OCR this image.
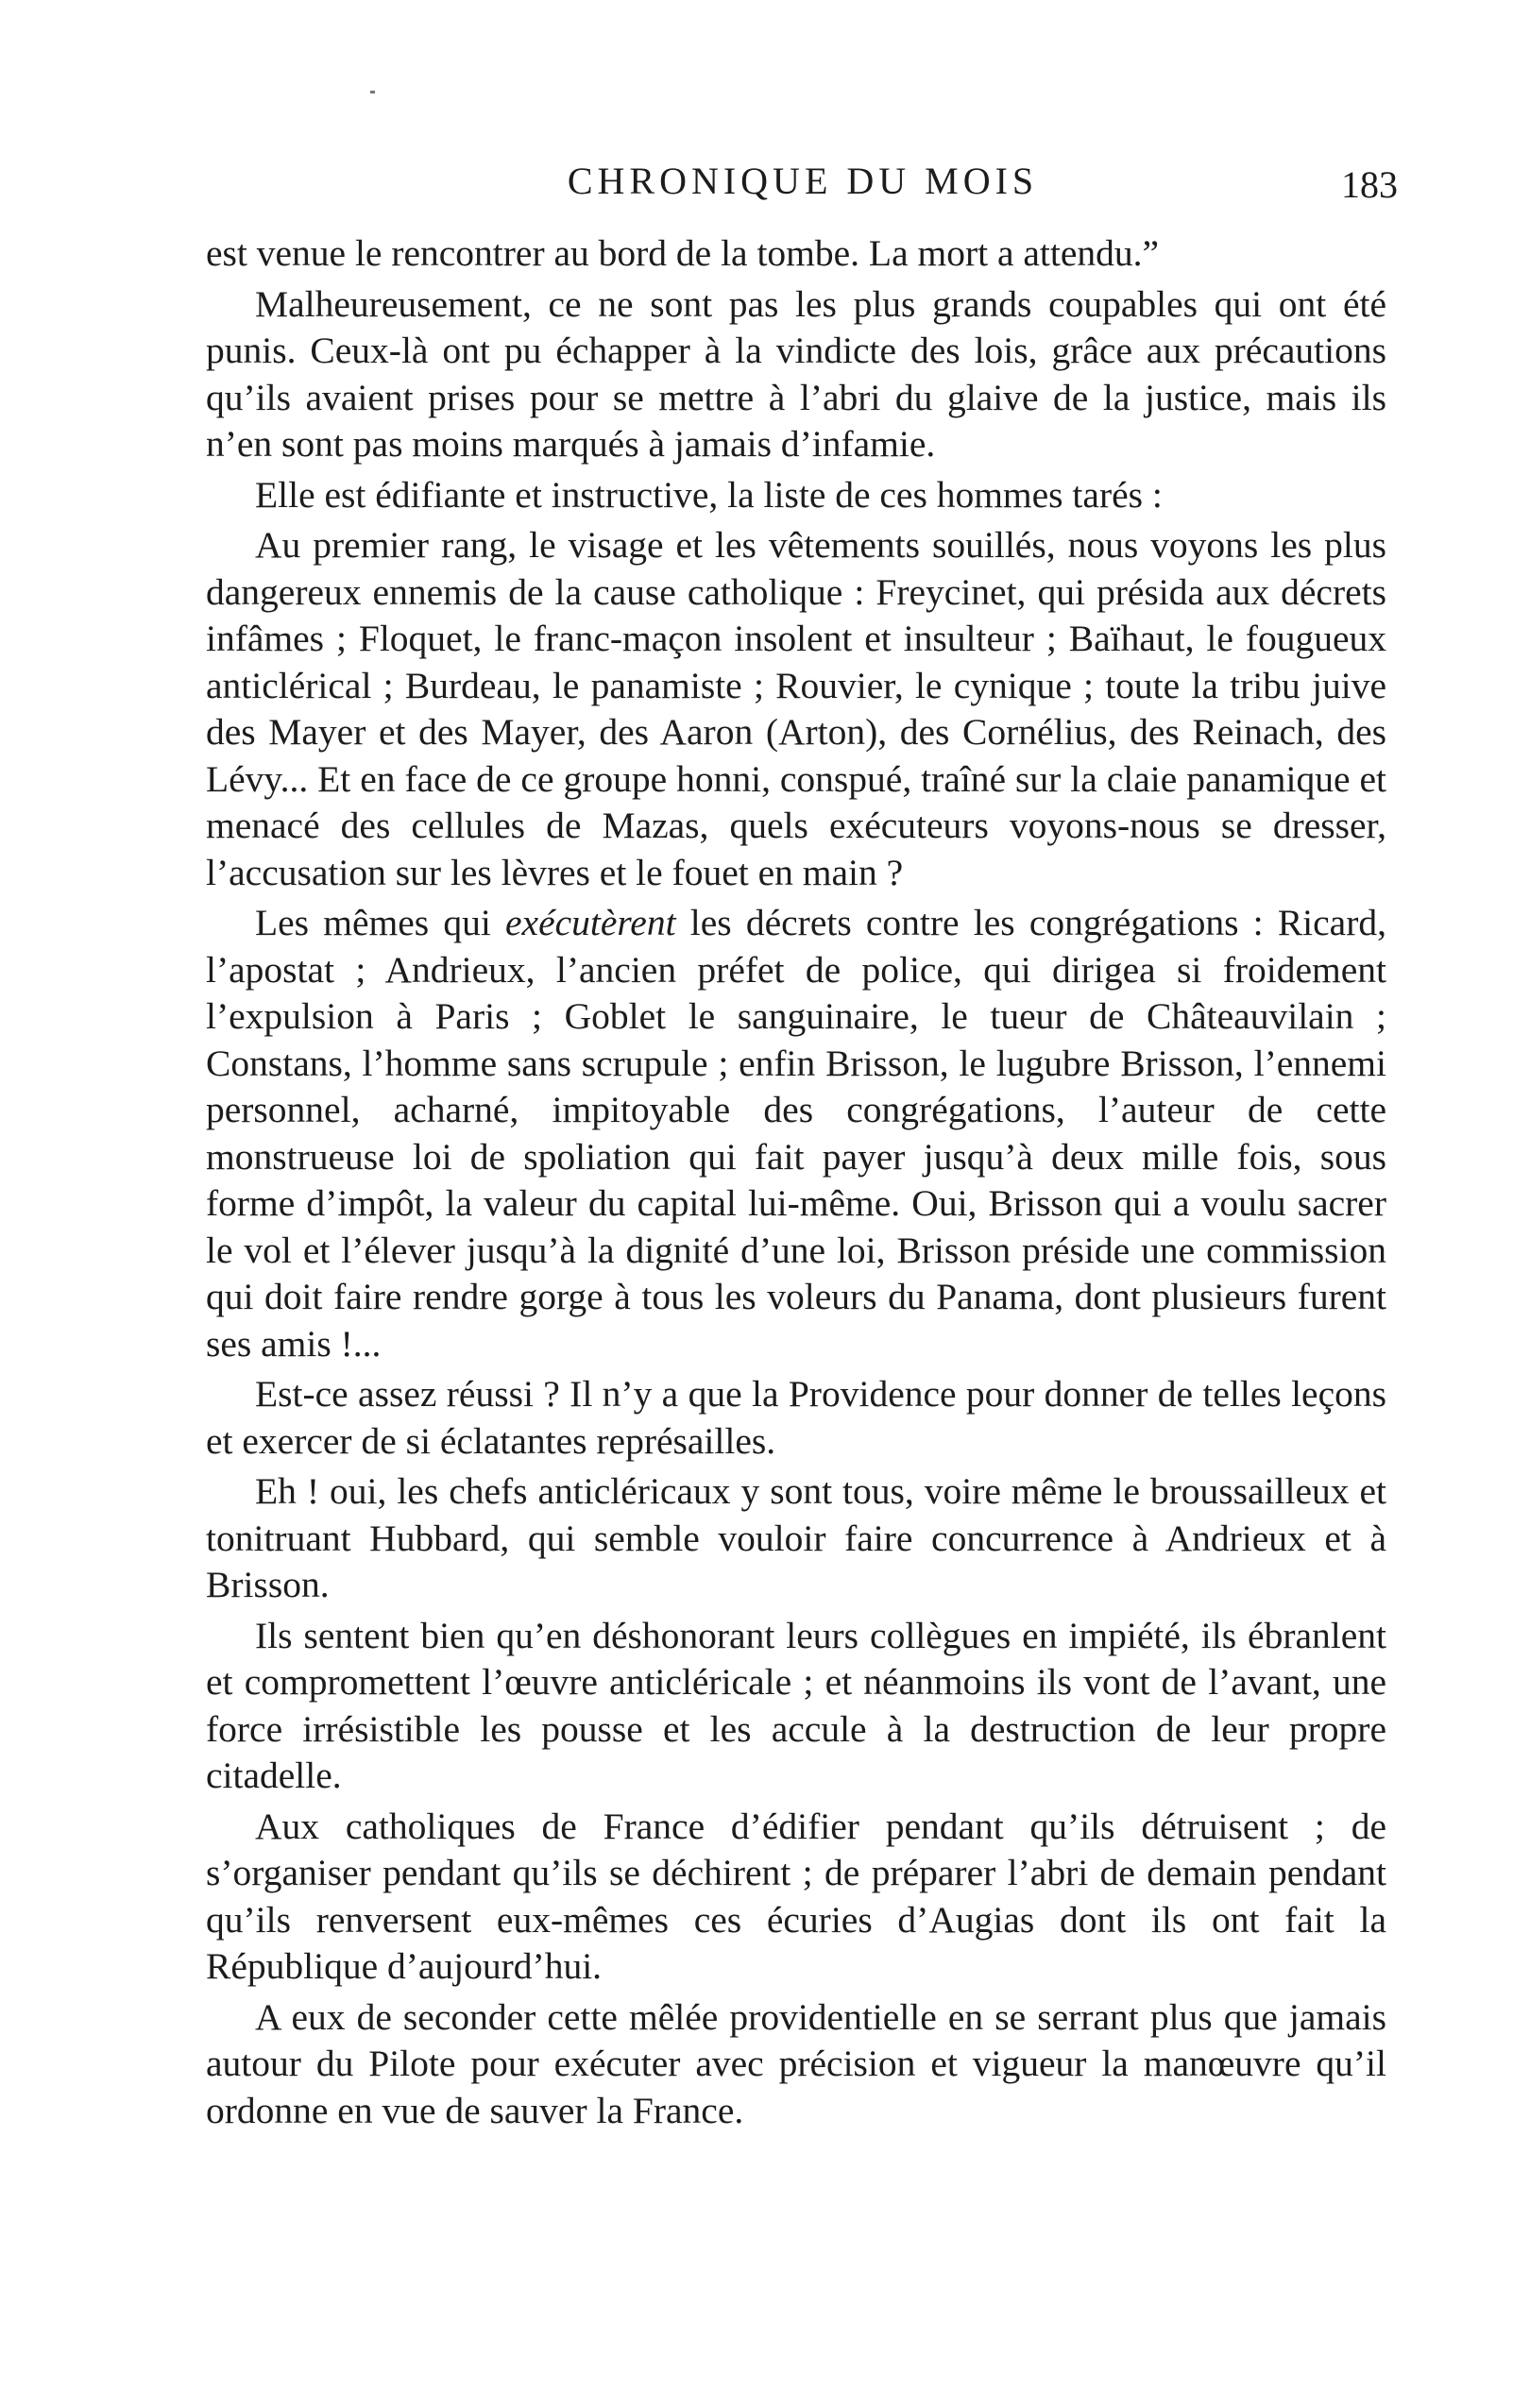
CHRONIQUE DU MOIS	183

est venue le rencontrer au bord de la tombe. La mort a attendu.”

Malheureusement, ce ne sont pas les plus grands coupables qui ont été punis. Ceux-là ont pu échapper à la vindicte des lois, grâce aux précautions qu’ils avaient prises pour se mettre à l’abri du glaive de la justice, mais ils n’en sont pas moins marqués à jamais d’infamie.

Elle est édifiante et instructive, la liste de ces hommes tarés :

Au premier rang, le visage et les vêtements souillés, nous voyons les plus dangereux ennemis de la cause catholique : Freycinet, qui présida aux décrets infâmes ; Floquet, le franc-maçon insolent et insulteur ; Baïhaut, le fougueux anticlérical ; Burdeau, le panamiste ; Rouvier, le cynique ; toute la tribu juive des Mayer et des Mayer, des Aaron (Arton), des Cornélius, des Reinach, des Lévy... Et en face de ce groupe honni, conspué, traîné sur la claie panamique et menacé des cellules de Mazas, quels exécuteurs voyons-nous se dresser, l’accusation sur les lèvres et le fouet en main ?

Les mêmes qui exécutèrent les décrets contre les congrégations : Ricard, l’apostat ; Andrieux, l’ancien préfet de police, qui dirigea si froidement l’expulsion à Paris ; Goblet le sanguinaire, le tueur de Châteauvilain ; Constans, l’homme sans scrupule ; enfin Brisson, le lugubre Brisson, l’ennemi personnel, acharné, impitoyable des congrégations, l’auteur de cette monstrueuse loi de spoliation qui fait payer jusqu’à deux mille fois, sous forme d’impôt, la valeur du capital lui-même. Oui, Brisson qui a voulu sacrer le vol et l’élever jusqu’à la dignité d’une loi, Brisson préside une commission qui doit faire rendre gorge à tous les voleurs du Panama, dont plusieurs furent ses amis !...

Est-ce assez réussi ? Il n’y a que la Providence pour donner de telles leçons et exercer de si éclatantes représailles.

Eh ! oui, les chefs anticléricaux y sont tous, voire même le broussailleux et tonitruant Hubbard, qui semble vouloir faire concurrence à Andrieux et à Brisson.

Ils sentent bien qu’en déshonorant leurs collègues en impiété, ils ébranlent et compromettent l’œuvre anticléricale ; et néanmoins ils vont de l’avant, une force irrésistible les pousse et les accule à la destruction de leur propre citadelle.

Aux catholiques de France d’édifier pendant qu’ils détruisent ; de s’organiser pendant qu’ils se déchirent ; de préparer l’abri de demain pendant qu’ils renversent eux-mêmes ces écuries d’Augias dont ils ont fait la République d’aujourd’hui.

A eux de seconder cette mêlée providentielle en se serrant plus que jamais autour du Pilote pour exécuter avec précision et vigueur la manœuvre qu’il ordonne en vue de sauver la France.
